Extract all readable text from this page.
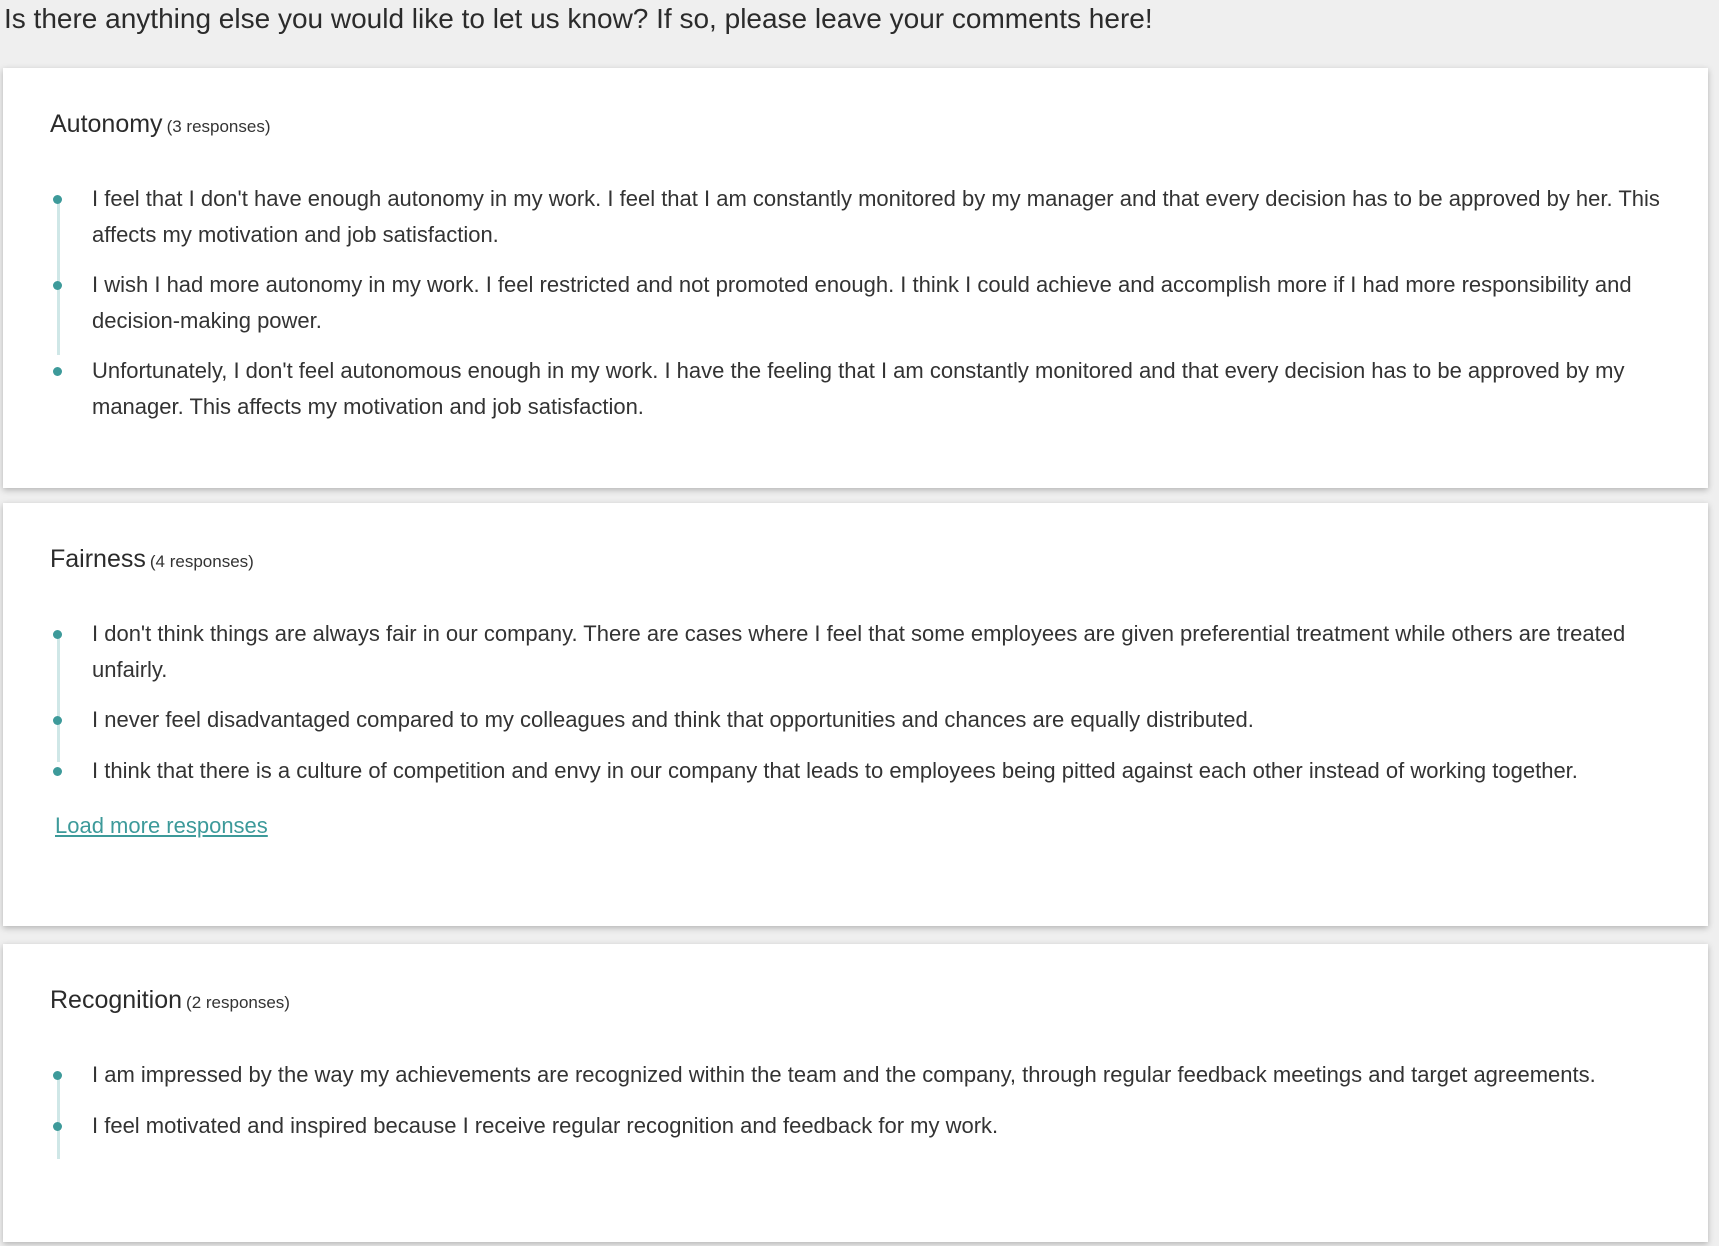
Is there anything else you would like to let us know? If so, please leave your comments here!
Autonomy (3 responses)
I feel that I don't have enough autonomy in my work. I feel that I am constantly monitored by my manager and that every decision has to be approved by her. This affects my motivation and job satisfaction.
I wish I had more autonomy in my work. I feel restricted and not promoted enough. I think I could achieve and accomplish more if I had more responsibility and decision-making power.
Unfortunately, I don't feel autonomous enough in my work. I have the feeling that I am constantly monitored and that every decision has to be approved by my manager. This affects my motivation and job satisfaction.
Fairness (4 responses)
I don't think things are always fair in our company. There are cases where I feel that some employees are given preferential treatment while others are treated unfairly.
I never feel disadvantaged compared to my colleagues and think that opportunities and chances are equally distributed.
I think that there is a culture of competition and envy in our company that leads to employees being pitted against each other instead of working together.
Load more responses
Recognition (2 responses)
I am impressed by the way my achievements are recognized within the team and the company, through regular feedback meetings and target agreements.
I feel motivated and inspired because I receive regular recognition and feedback for my work.
